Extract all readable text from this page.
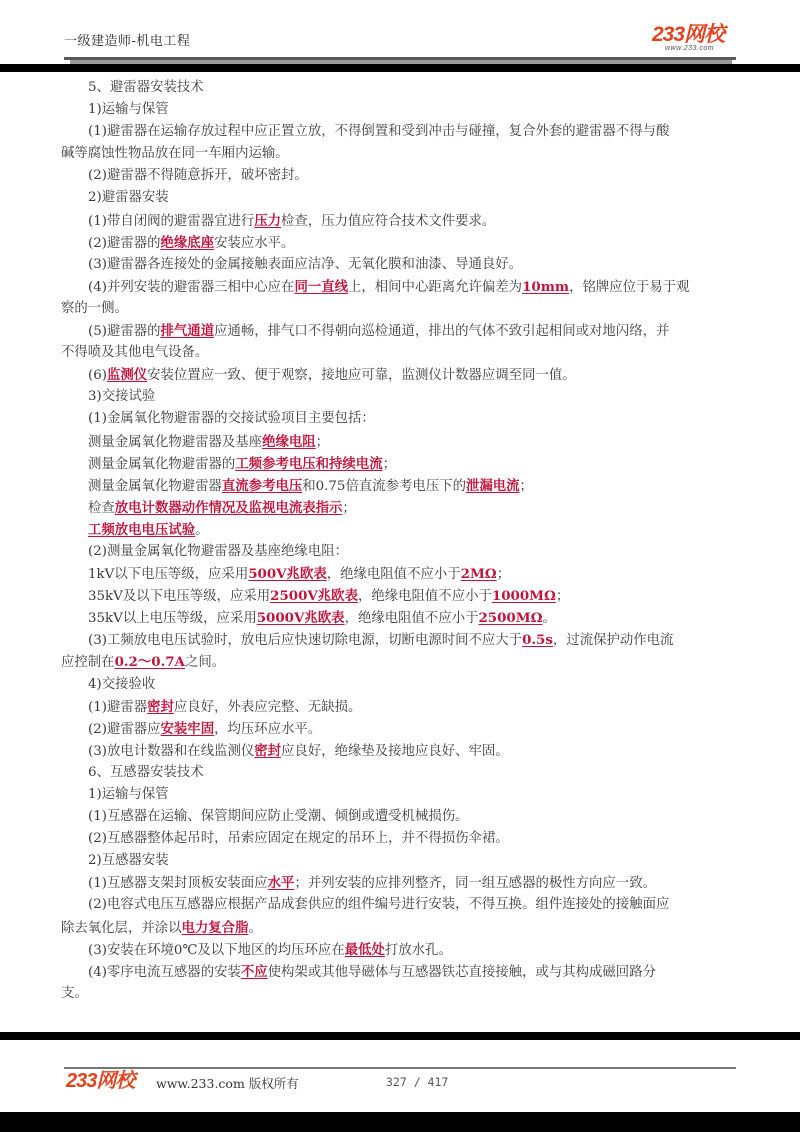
一级建造师-机电工程	233网校
www.233.com
5、避雷器安装技术
1)运输与保管
(1)避雷器在运输存放过程中应正置立放，不得倒置和受到冲击与碰撞，复合外套的避雷器不得与酸
碱等腐蚀性物品放在同一车厢内运输。
(2)避雷器不得随意拆开，破坏密封。
2)避雷器安装
(1)带自闭阀的避雷器宜进行压力检查，压力值应符合技术文件要求。
(2)避雷器的绝缘底座安装应水平。
(3)避雷器各连接处的金属接触表面应洁净、无氧化膜和油漆、导通良好。
(4)并列安装的避雷器三相中心应在同一直线上，相间中心距离允许偏差为10mm，铭牌应位于易于观
察的一侧。
(5)避雷器的排气通道应通畅，排气口不得朝向巡检通道，排出的气体不致引起相间或对地闪络，并
不得喷及其他电气设备。
(6)监测仪安装位置应一致、便于观察，接地应可靠，监测仪计数器应调至同一值。
3)交接试验
(1)金属氧化物避雷器的交接试验项目主要包括：
测量金属氧化物避雷器及基座绝缘电阻；
测量金属氧化物避雷器的工频参考电压和持续电流；
测量金属氧化物避雷器直流参考电压和0.75倍直流参考电压下的泄漏电流；
检查放电计数器动作情况及监视电流表指示；
工频放电电压试验。
(2)测量金属氧化物避雷器及基座绝缘电阻：
1kV以下电压等级，应采用500V兆欧表，绝缘电阻值不应小于2MΩ；
35kV及以下电压等级，应采用2500V兆欧表，绝缘电阻值不应小于1000MΩ；
35kV以上电压等级，应采用5000V兆欧表，绝缘电阻值不应小于2500MΩ。
(3)工频放电电压试验时，放电后应快速切除电源，切断电源时间不应大于0.5s，过流保护动作电流
应控制在0.2～0.7A之间。
4)交接验收
(1)避雷器密封应良好，外表应完整、无缺损。
(2)避雷器应安装牢固，均压环应水平。
(3)放电计数器和在线监测仪密封应良好，绝缘垫及接地应良好、牢固。
6、互感器安装技术
1)运输与保管
(1)互感器在运输、保管期间应防止受潮、倾倒或遭受机械损伤。
(2)互感器整体起吊时，吊索应固定在规定的吊环上，并不得损伤伞裙。
2)互感器安装
(1)互感器支架封顶板安装面应水平；并列安装的应排列整齐，同一组互感器的极性方向应一致。
(2)电容式电压互感器应根据产品成套供应的组件编号进行安装，不得互换。组件连接处的接触面应
除去氧化层，并涂以电力复合脂。
(3)安装在环境0℃及以下地区的均压环应在最低处打放水孔。
(4)零序电流互感器的安装不应使构架或其他导磁体与互感器铁芯直接接触，或与其构成磁回路分
支。
233网校 www.233.com 版权所有	327 / 417
